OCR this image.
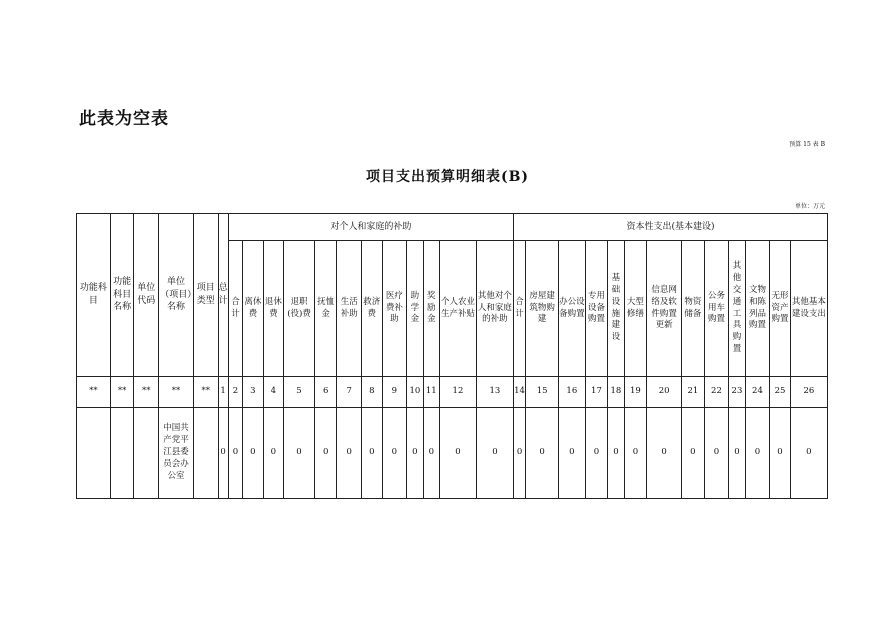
此表为空表
预算 15 表 B
项目支出预算明细表(B)
单位：万元
功能科目	功能科目名称	单位代码	单位（项目）名称	项目类型	总计	对个人和家庭的补助												资本性支出(基本建设)												
						合计	离休费	退休费	退职(役)费	抚恤金	生活补助	救济费	医疗费补助	助学金	奖励金	个人农业生产补贴	其他对个人和家庭的补助	合计	房屋建筑物购建	办公设备购置	专用设备购置	基础设施建设	大型修缮	信息网络及软件购置更新	物资储备	公务用车购置	其他交通工具购置	文物和陈列品购置	无形资产购置	其他基本建设支出
**	**	**	**	**	1	2	3	4	5	6	7	8	9	10	11	12	13	14	15	16	17	18	19	20	21	22	23	24	25	26
			中国共产党平江县委员会办公室		0	0	0	0	0	0	0	0	0	0	0	0	0	0	0	0	0	0	0	0	0	0	0	0	0	0
